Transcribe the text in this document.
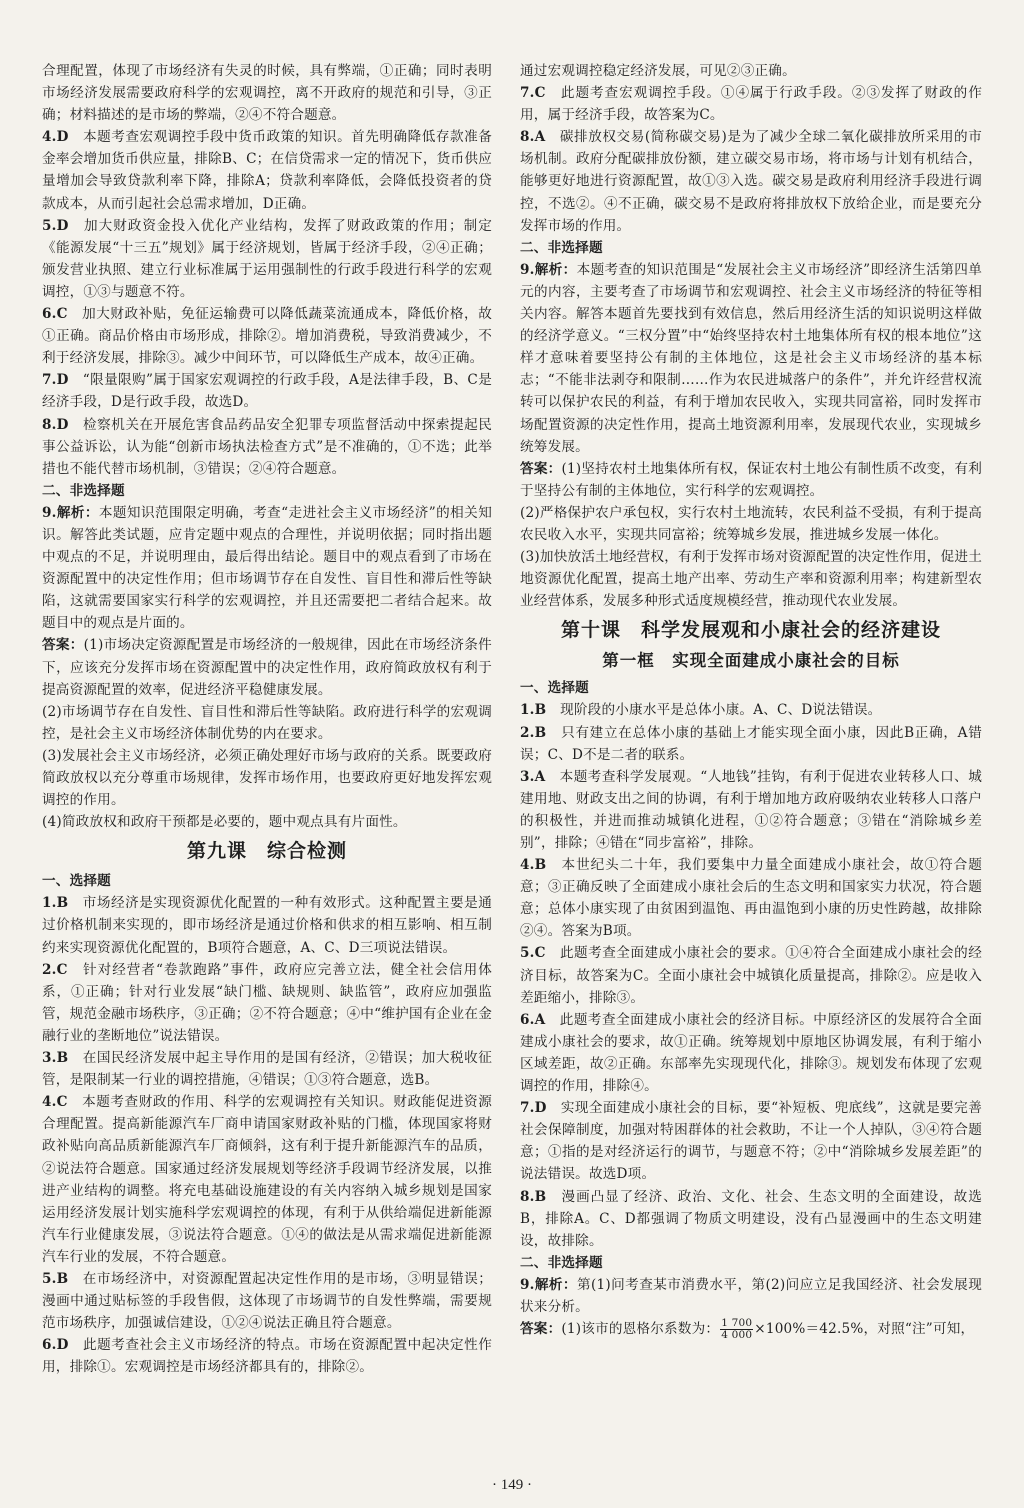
合理配置，体现了市场经济有失灵的时候，具有弊端，①正确；同时表明市场经济发展需要政府科学的宏观调控，离不开政府的规范和引导，③正确；材料描述的是市场的弊端，②④不符合题意。

4.D　 本题考查宏观调控手段中货币政策的知识。首先明确降低存款准备金率会增加货币供应量，排除B、C；在信贷需求一定的情况下，货币供应量增加会导致贷款利率下降，排除A；贷款利率降低，会降低投资者的贷款成本，从而引起社会总需求增加，D正确。

5.D　 加大财政资金投入优化产业结构，发挥了财政政策的作用；制定《能源发展“十三五”规划》属于经济规划，皆属于经济手段，②④正确；颁发营业执照、建立行业标准属于运用强制性的行政手段进行科学的宏观调控，①③与题意不符。

6.C　 加大财政补贴，免征运输费可以降低蔬菜流通成本，降低价格，故①正确。商品价格由市场形成，排除②。增加消费税，导致消费减少，不利于经济发展，排除③。减少中间环节，可以降低生产成本，故④正确。

7.D　 “限量限购”属于国家宏观调控的行政手段，A是法律手段，B、C是经济手段，D是行政手段，故选D。

8.D　 检察机关在开展危害食品药品安全犯罪专项监督活动中探索提起民事公益诉讼，认为能“创新市场执法检查方式”是不准确的，①不选；此举措也不能代替市场机制，③错误；②④符合题意。

二、非选择题

9.解析：本题知识范围限定明确，考查“走进社会主义市场经济”的相关知识。解答此类试题，应肯定题中观点的合理性，并说明依据；同时指出题中观点的不足，并说明理由，最后得出结论。题目中的观点看到了市场在资源配置中的决定性作用；但市场调节存在自发性、盲目性和滞后性等缺陷，这就需要国家实行科学的宏观调控，并且还需要把二者结合起来。故题目中的观点是片面的。

答案：(1)市场决定资源配置是市场经济的一般规律，因此在市场经济条件下，应该充分发挥市场在资源配置中的决定性作用，政府简政放权有利于提高资源配置的效率，促进经济平稳健康发展。

(2)市场调节存在自发性、盲目性和滞后性等缺陷。政府进行科学的宏观调控，是社会主义市场经济体制优势的内在要求。

(3)发展社会主义市场经济，必须正确处理好市场与政府的关系。既要政府简政放权以充分尊重市场规律，发挥市场作用，也要政府更好地发挥宏观调控的作用。

(4)简政放权和政府干预都是必要的，题中观点具有片面性。

第九课　综合检测

一、选择题

1.B　 市场经济是实现资源优化配置的一种有效形式。这种配置主要是通过价格机制来实现的，即市场经济是通过价格和供求的相互影响、相互制约来实现资源优化配置的，B项符合题意，A、C、D三项说法错误。

2.C　 针对经营者“卷款跑路”事件，政府应完善立法，健全社会信用体系，①正确；针对行业发展“缺门槛、缺规则、缺监管”，政府应加强监管，规范金融市场秩序，③正确；②不符合题意；④中“维护国有企业在金融行业的垄断地位”说法错误。

3.B　 在国民经济发展中起主导作用的是国有经济，②错误；加大税收征管，是限制某一行业的调控措施，④错误；①③符合题意，选B。

4.C　 本题考查财政的作用、科学的宏观调控有关知识。财政能促进资源合理配置。提高新能源汽车厂商申请国家财政补贴的门槛，体现国家将财政补贴向高品质新能源汽车厂商倾斜，这有利于提升新能源汽车的品质，②说法符合题意。国家通过经济发展规划等经济手段调节经济发展，以推进产业结构的调整。将充电基础设施建设的有关内容纳入城乡规划是国家运用经济发展计划实施科学宏观调控的体现，有利于从供给端促进新能源汽车行业健康发展，③说法符合题意。①④的做法是从需求端促进新能源汽车行业的发展，不符合题意。

5.B　 在市场经济中，对资源配置起决定性作用的是市场，③明显错误；漫画中通过贴标签的手段售假，这体现了市场调节的自发性弊端，需要规范市场秩序，加强诚信建设，①②④说法正确且符合题意。

6.D　 此题考查社会主义市场经济的特点。市场在资源配置中起决定性作用，排除①。宏观调控是市场经济都具有的，排除②。

通过宏观调控稳定经济发展，可见②③正确。

7.C　 此题考查宏观调控手段。①④属于行政手段。②③发挥了财政的作用，属于经济手段，故答案为C。

8.A　 碳排放权交易(简称碳交易)是为了减少全球二氧化碳排放所采用的市场机制。政府分配碳排放份额，建立碳交易市场，将市场与计划有机结合，能够更好地进行资源配置，故①③入选。碳交易是政府利用经济手段进行调控，不选②。④不正确，碳交易不是政府将排放权下放给企业，而是要充分发挥市场的作用。

二、非选择题

9.解析：本题考查的知识范围是“发展社会主义市场经济”即经济生活第四单元的内容，主要考查了市场调节和宏观调控、社会主义市场经济的特征等相关内容。解答本题首先要找到有效信息，然后用经济生活的知识说明这样做的经济学意义。“三权分置”中“始终坚持农村土地集体所有权的根本地位”这样才意味着要坚持公有制的主体地位，这是社会主义市场经济的基本标志；“不能非法剥夺和限制……作为农民进城落户的条件”，并允许经营权流转可以保护农民的利益，有利于增加农民收入，实现共同富裕，同时发挥市场配置资源的决定性作用，提高土地资源利用率，发展现代农业，实现城乡统筹发展。

答案：(1)坚持农村土地集体所有权，保证农村土地公有制性质不改变，有利于坚持公有制的主体地位，实行科学的宏观调控。

(2)严格保护农户承包权，实行农村土地流转，农民利益不受损，有利于提高农民收入水平，实现共同富裕；统筹城乡发展，推进城乡发展一体化。

(3)加快放活土地经营权，有利于发挥市场对资源配置的决定性作用，促进土地资源优化配置，提高土地产出率、劳动生产率和资源利用率；构建新型农业经营体系，发展多种形式适度规模经营，推动现代农业发展。

第十课　科学发展观和小康社会的经济建设

第一框　实现全面建成小康社会的目标

一、选择题

1.B　 现阶段的小康水平是总体小康。A、C、D说法错误。

2.B　 只有建立在总体小康的基础上才能实现全面小康，因此B正确，A错误；C、D不是二者的联系。

3.A　 本题考查科学发展观。“人地钱”挂钩，有利于促进农业转移人口、城建用地、财政支出之间的协调，有利于增加地方政府吸纳农业转移人口落户的积极性，并进而推动城镇化进程，①②符合题意；③错在“消除城乡差别”，排除；④错在“同步富裕”，排除。

4.B　 本世纪头二十年，我们要集中力量全面建成小康社会，故①符合题意；③正确反映了全面建成小康社会后的生态文明和国家实力状况，符合题意；总体小康实现了由贫困到温饱、再由温饱到小康的历史性跨越，故排除②④。答案为B项。

5.C　 此题考查全面建成小康社会的要求。①④符合全面建成小康社会的经济目标，故答案为C。全面小康社会中城镇化质量提高，排除②。应是收入差距缩小，排除③。

6.A　 此题考查全面建成小康社会的经济目标。中原经济区的发展符合全面建成小康社会的要求，故①正确。统筹规划中原地区协调发展，有利于缩小区域差距，故②正确。东部率先实现现代化，排除③。规划发布体现了宏观调控的作用，排除④。

7.D　 实现全面建成小康社会的目标，要“补短板、兜底线”，这就是要完善社会保障制度，加强对特困群体的社会救助，不让一个人掉队，③④符合题意；①指的是对经济运行的调节，与题意不符；②中“消除城乡发展差距”的说法错误。故选D项。

8.B　 漫画凸显了经济、政治、文化、社会、生态文明的全面建设，故选B，排除A。C、D都强调了物质文明建设，没有凸显漫画中的生态文明建设，故排除。

二、非选择题

9.解析：第(1)问考查某市消费水平，第(2)问应立足我国经济、社会发展现状来分析。

答案：(1)该市的恩格尔系数为： $\frac{1 700}{4 000} \times 100\%=42.5\%$，对照“注”可知，

· 149 ·
